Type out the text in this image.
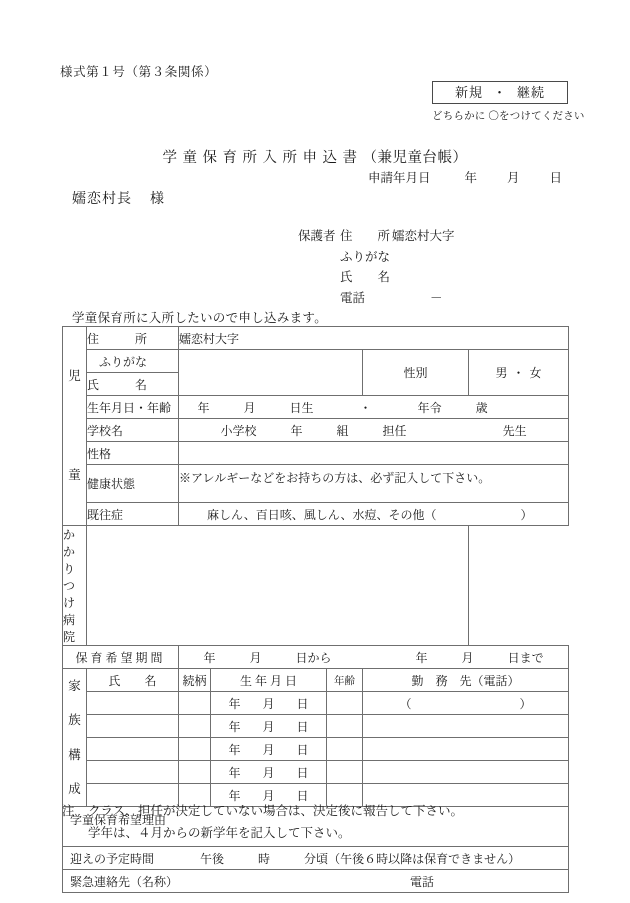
様式第１号（第３条関係）
新規 ・ 継続
どちらかに 〇をつけてください
学童保育所入所申込書（兼児童台帳）
申請年月日	年 月 日
嬬恋村長 様
保護者 住　　所 嬬恋村大字
ふりがな
氏　　名
電話	－
学童保育所に入所したいので申し込みます。
児
童	住　　　所	嬬恋村大字				
	ふりがな				性別	男・女
	氏　　　名					
	生年月日・年齢	年 月 日生 ・ 年令 歳				
	学校名	小学校 年 組 担任 先生				
	性格					
	健康状態	※アレルギーなどをお持ちの方は、必ず記入して下さい。				
	既往症	麻しん、百日咳、風しん、水痘、その他（　　　　　　　）				
かかりつけ病院						
保育希望期間		年 月 日から 年 月 日まで				

家
族
構
成	氏　　名	続柄	生 年 月 日	年齢	勤　務　先（電話）	
			年 月 日		（　　　　　　　　　）	
			年 月 日			
			年 月 日			
			年 月 日			
			年 月 日			
学童保育希望理由						
迎えの予定時間 午後 時 分頃（午後６時以降は保育できません）						
緊急連絡先（名称） 電話						
注 クラス、担任が決定していない場合は、決定後に報告して下さい。
学年は、４月からの新学年を記入して下さい。
